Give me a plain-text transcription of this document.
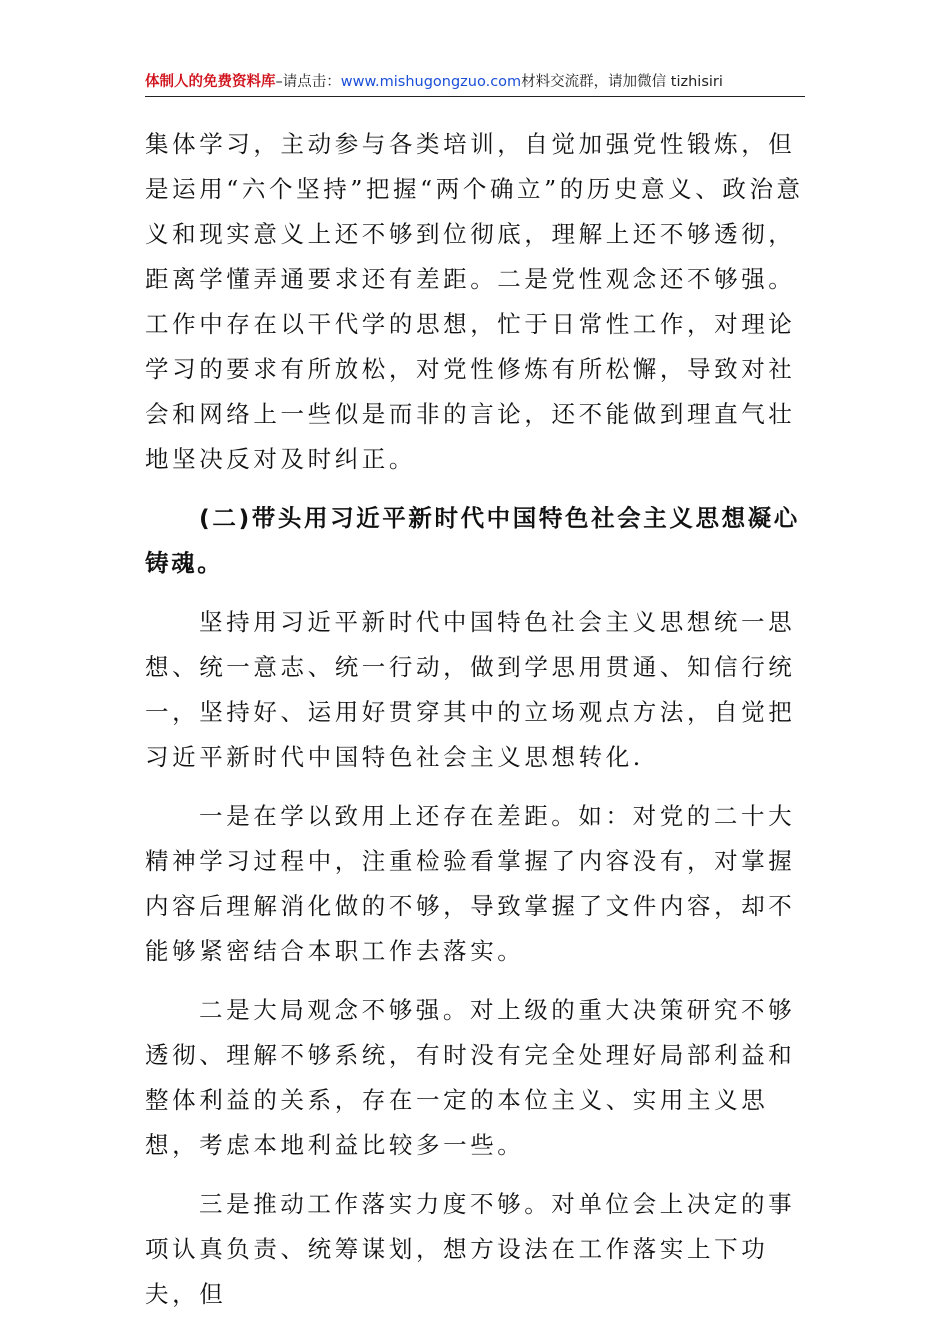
体制人的免费资料库–请点击：www.mishugongzuo.com材料交流群，请加微信 tizhisiri

集体学习，主动参与各类培训，自觉加强党性锻炼，但是运用“六个坚持”把握“两个确立”的历史意义、政治意义和现实意义上还不够到位彻底，理解上还不够透彻，距离学懂弄通要求还有差距。二是党性观念还不够强。工作中存在以干代学的思想，忙于日常性工作，对理论学习的要求有所放松，对党性修炼有所松懈，导致对社会和网络上一些似是而非的言论，还不能做到理直气壮地坚决反对及时纠正。

(二)带头用习近平新时代中国特色社会主义思想凝心铸魂。

坚持用习近平新时代中国特色社会主义思想统一思想、统一意志、统一行动，做到学思用贯通、知信行统一，坚持好、运用好贯穿其中的立场观点方法，自觉把习近平新时代中国特色社会主义思想转化.

一是在学以致用上还存在差距。如：对党的二十大精神学习过程中，注重检验看掌握了内容没有，对掌握内容后理解消化做的不够，导致掌握了文件内容，却不能够紧密结合本职工作去落实。

二是大局观念不够强。对上级的重大决策研究不够透彻、理解不够系统，有时没有完全处理好局部利益和整体利益的关系，存在一定的本位主义、实用主义思想，考虑本地利益比较多一些。

三是推动工作落实力度不够。对单位会上决定的事项认真负责、统筹谋划，想方设法在工作落实上下功夫，但
